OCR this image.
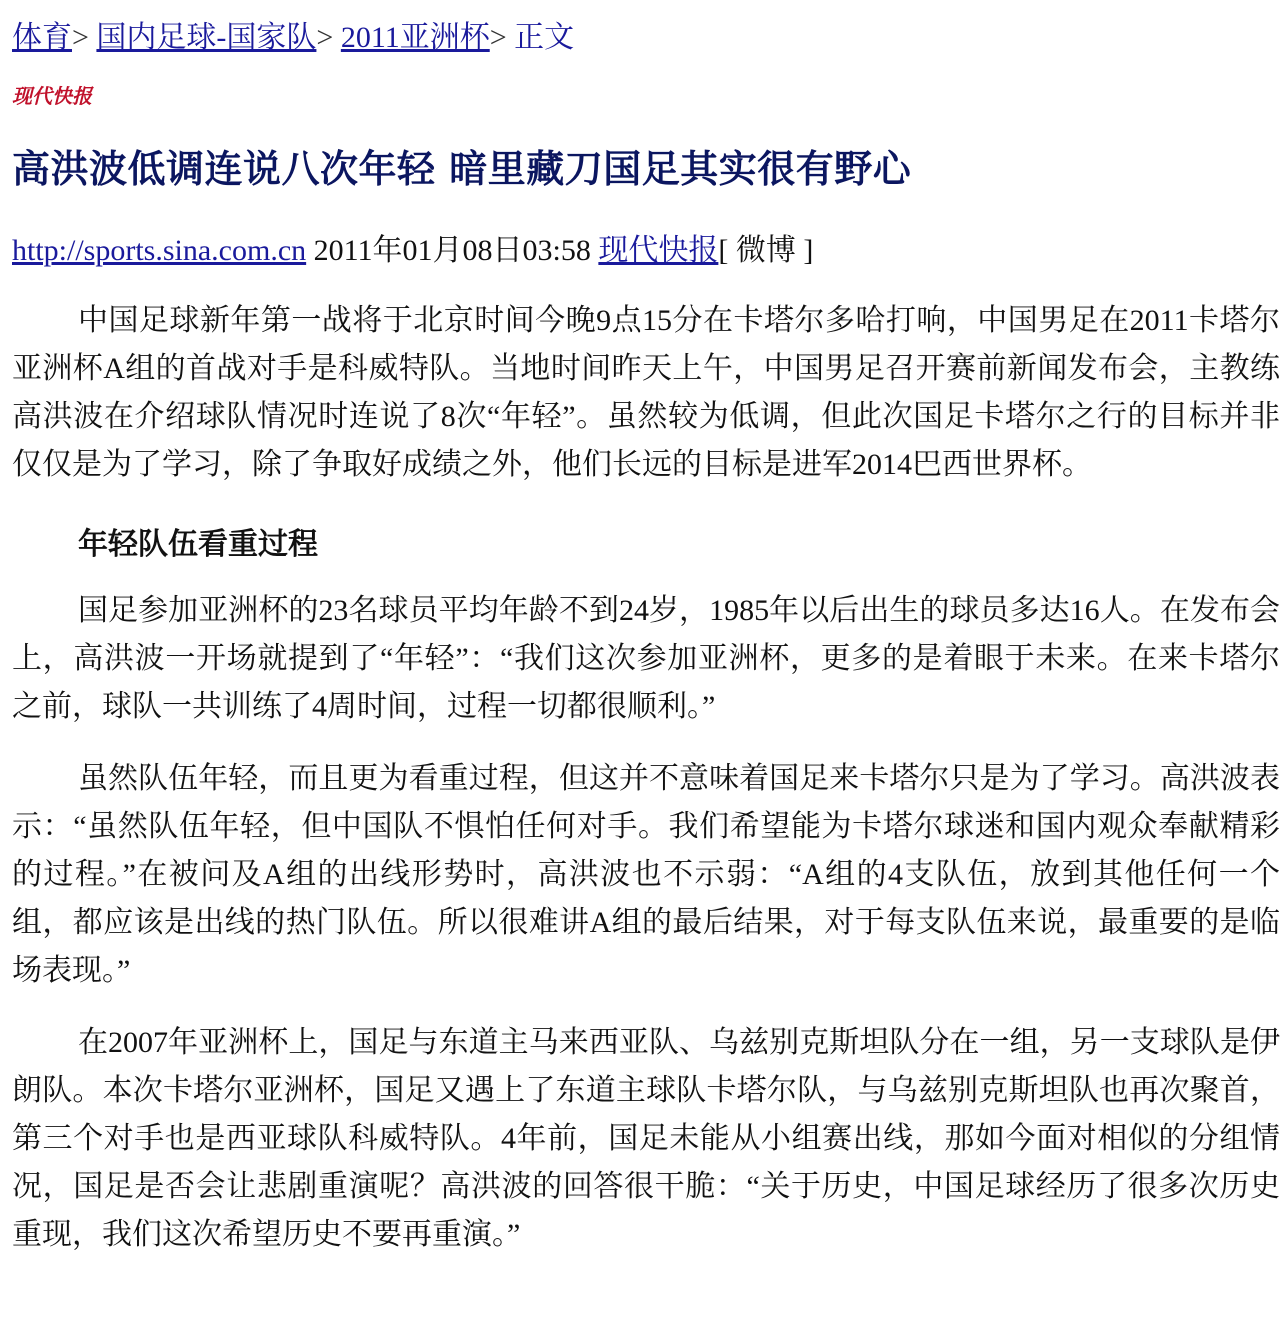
体育> 国内足球-国家队> 2011亚洲杯> 正文
现代快报
高洪波低调连说八次年轻 暗里藏刀国足其实很有野心
http://sports.sina.com.cn 2011年01月08日03:58 现代快报[ 微博 ]

中国足球新年第一战将于北京时间今晚9点15分在卡塔尔多哈打响，中国男足在2011卡塔尔亚洲杯A组的首战对手是科威特队。当地时间昨天上午，中国男足召开赛前新闻发布会，主教练高洪波在介绍球队情况时连说了8次“年轻”。虽然较为低调，但此次国足卡塔尔之行的目标并非仅仅是为了学习，除了争取好成绩之外，他们长远的目标是进军2014巴西世界杯。

年轻队伍看重过程

国足参加亚洲杯的23名球员平均年龄不到24岁，1985年以后出生的球员多达16人。在发布会上，高洪波一开场就提到了“年轻”：“我们这次参加亚洲杯，更多的是着眼于未来。在来卡塔尔之前，球队一共训练了4周时间，过程一切都很顺利。”

虽然队伍年轻，而且更为看重过程，但这并不意味着国足来卡塔尔只是为了学习。高洪波表示：“虽然队伍年轻，但中国队不惧怕任何对手。我们希望能为卡塔尔球迷和国内观众奉献精彩的过程。”在被问及A组的出线形势时，高洪波也不示弱：“A组的4支队伍，放到其他任何一个组，都应该是出线的热门队伍。所以很难讲A组的最后结果，对于每支队伍来说，最重要的是临场表现。”

在2007年亚洲杯上，国足与东道主马来西亚队、乌兹别克斯坦队分在一组，另一支球队是伊朗队。本次卡塔尔亚洲杯，国足又遇上了东道主球队卡塔尔队，与乌兹别克斯坦队也再次聚首，第三个对手也是西亚球队科威特队。4年前，国足未能从小组赛出线，那如今面对相似的分组情况，国足是否会让悲剧重演呢？高洪波的回答很干脆：“关于历史，中国足球经历了很多次历史重现，我们这次希望历史不要再重演。”
